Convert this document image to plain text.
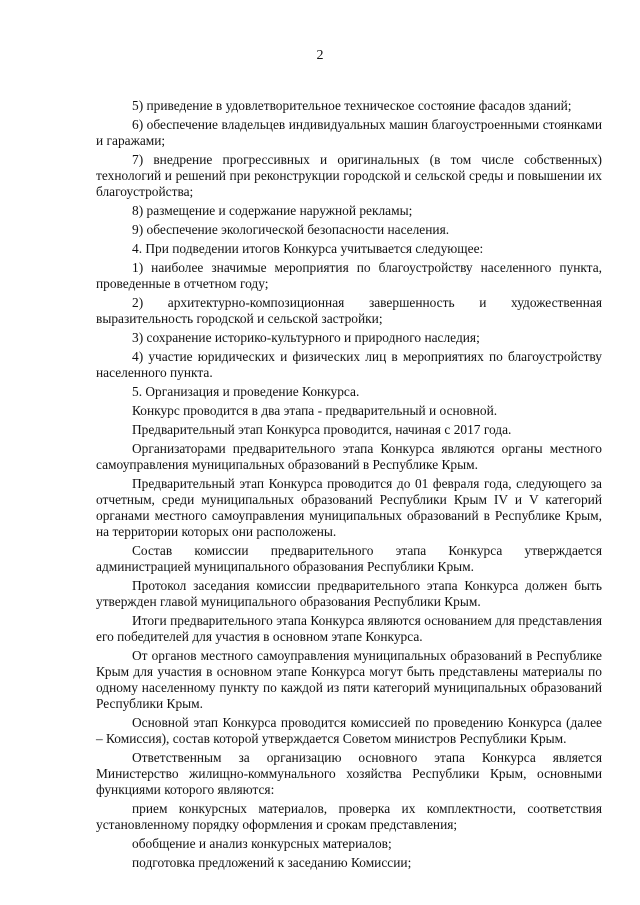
2

5) приведение в удовлетворительное техническое состояние фасадов зданий;

6) обеспечение владельцев индивидуальных машин благоустроенными стоянками и гаражами;

7) внедрение прогрессивных и оригинальных (в том числе собственных) технологий и решений при реконструкции городской и сельской среды и повышении их благоустройства;

8) размещение и содержание наружной рекламы;

9) обеспечение экологической безопасности населения.

4. При подведении итогов Конкурса учитывается следующее:

1) наиболее значимые мероприятия по благоустройству населенного пункта, проведенные в отчетном году;

2) архитектурно-композиционная завершенность и художественная выразительность городской и сельской застройки;

3) сохранение историко-культурного и природного наследия;

4) участие юридических и физических лиц в мероприятиях по благоустройству населенного пункта.

5. Организация и проведение Конкурса.

Конкурс проводится в два этапа - предварительный и основной.

Предварительный этап Конкурса проводится, начиная с 2017 года.

Организаторами предварительного этапа Конкурса являются органы местного самоуправления муниципальных образований в Республике Крым.

Предварительный этап Конкурса проводится до 01 февраля года, следующего за отчетным, среди муниципальных образований Республики Крым IV и V категорий органами местного самоуправления муниципальных образований в Республике Крым, на территории которых они расположены.

Состав комиссии предварительного этапа Конкурса утверждается администрацией муниципального образования Республики Крым.

Протокол заседания комиссии предварительного этапа Конкурса должен быть утвержден главой муниципального образования Республики Крым.

Итоги предварительного этапа Конкурса являются основанием для представления его победителей для участия в основном этапе Конкурса.

От органов местного самоуправления муниципальных образований в Республике Крым для участия в основном этапе Конкурса могут быть представлены материалы по одному населенному пункту по каждой из пяти категорий муниципальных образований Республики Крым.

Основной этап Конкурса проводится комиссией по проведению Конкурса (далее – Комиссия), состав которой утверждается Советом министров Республики Крым.

Ответственным за организацию основного этапа Конкурса является Министерство жилищно-коммунального хозяйства Республики Крым, основными функциями которого являются:

прием конкурсных материалов, проверка их комплектности, соответствия установленному порядку оформления и срокам представления;

обобщение и анализ конкурсных материалов;

подготовка предложений к заседанию Комиссии;
